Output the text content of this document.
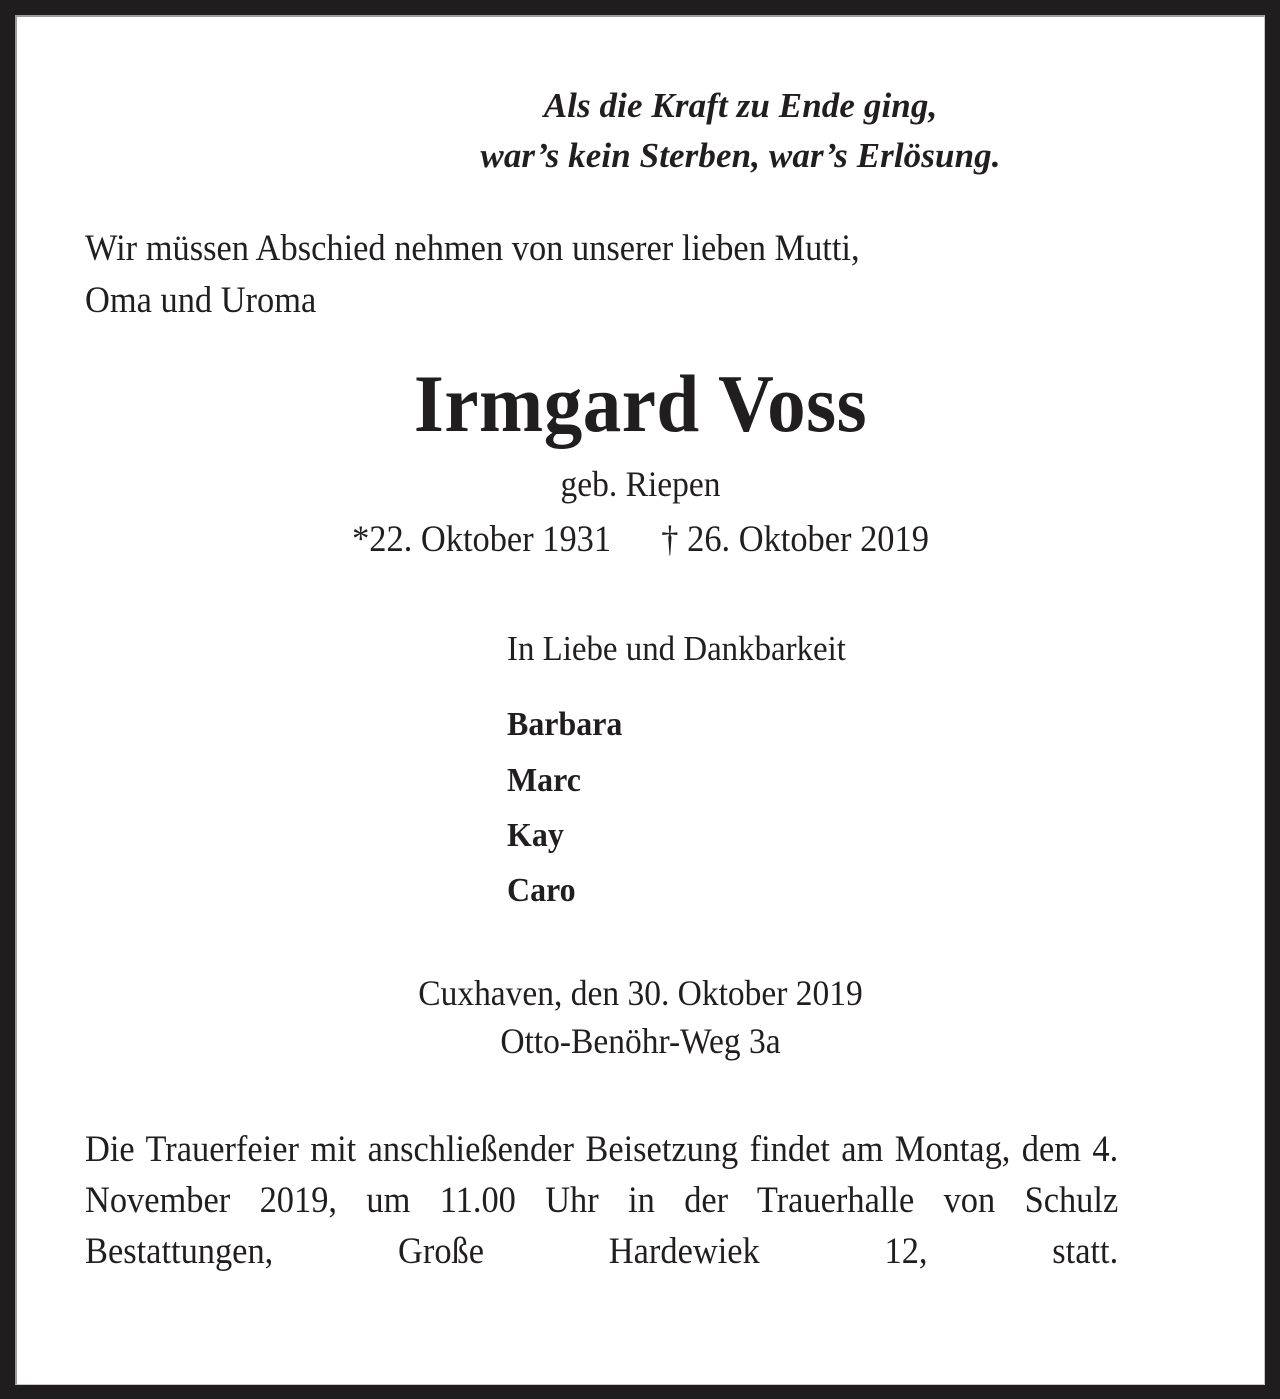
Als die Kraft zu Ende ging,
war’s kein Sterben, war’s Erlösung.

Wir müssen Abschied nehmen von unserer lieben Mutti,
Oma und Uroma

Irmgard Voss

geb. Riepen

*22. Oktober 1931 † 26. Oktober 2019

In Liebe und Dankbarkeit

Barbara
Marc
Kay
Caro

Cuxhaven, den 30. Oktober 2019
Otto-Benöhr-Weg 3a

Die Trauerfeier mit anschließender Beisetzung findet am Montag, dem 4. November 2019, um 11.00 Uhr in der Trauerhalle von Schulz Bestattungen, Große Hardewiek 12, statt.
